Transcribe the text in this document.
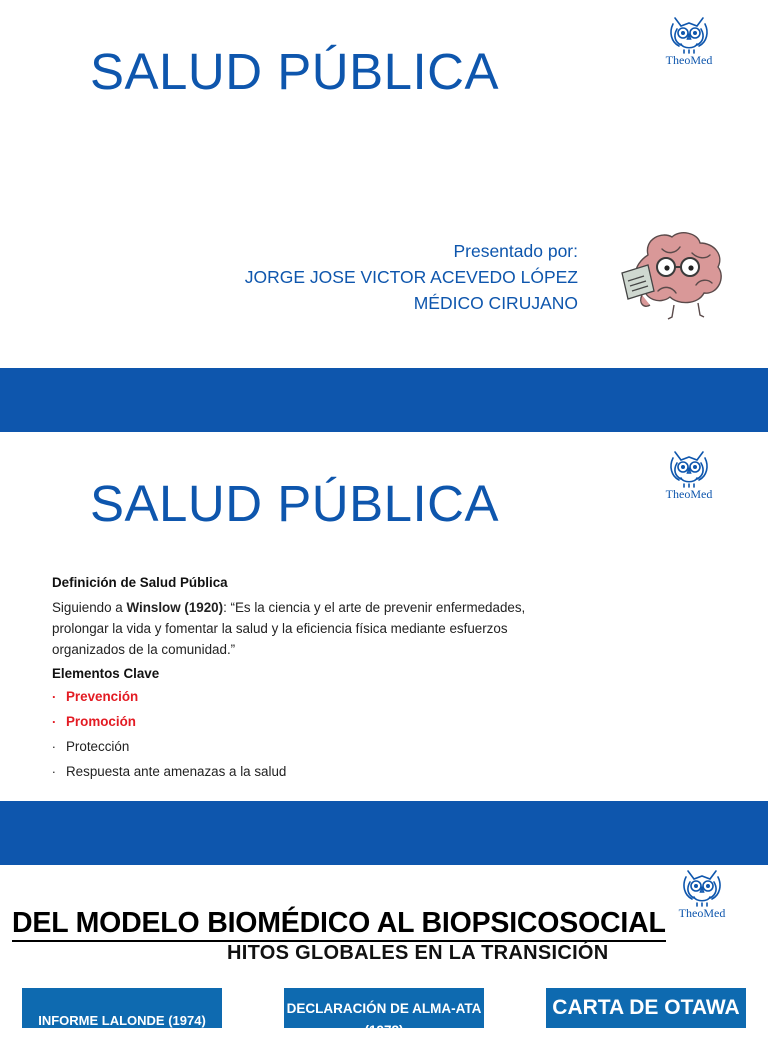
SALUD PÚBLICA	TheoMed
Presentado por:
JORGE JOSE VICTOR ACEVEDO LÓPEZ
MÉDICO CIRUJANO
SALUD PÚBLICA	TheoMed

Definición de Salud Pública

Siguiendo a Winslow (1920): “Es la ciencia y el arte de prevenir enfermedades, prolongar la vida y fomentar la salud y la eficiencia física mediante esfuerzos organizados de la comunidad.”

Elementos Clave

. Prevención
. Promoción
. Protección
. Respuesta ante amenazas a la salud
TheoMed
DEL MODELO BIOMÉDICO AL BIOPSICOSOCIAL
HITOS GLOBALES EN LA TRANSICIÓN
INFORME LALONDE (1974)
DECLARACIÓN DE ALMA-ATA (1978)
CARTA DE OTAWA
